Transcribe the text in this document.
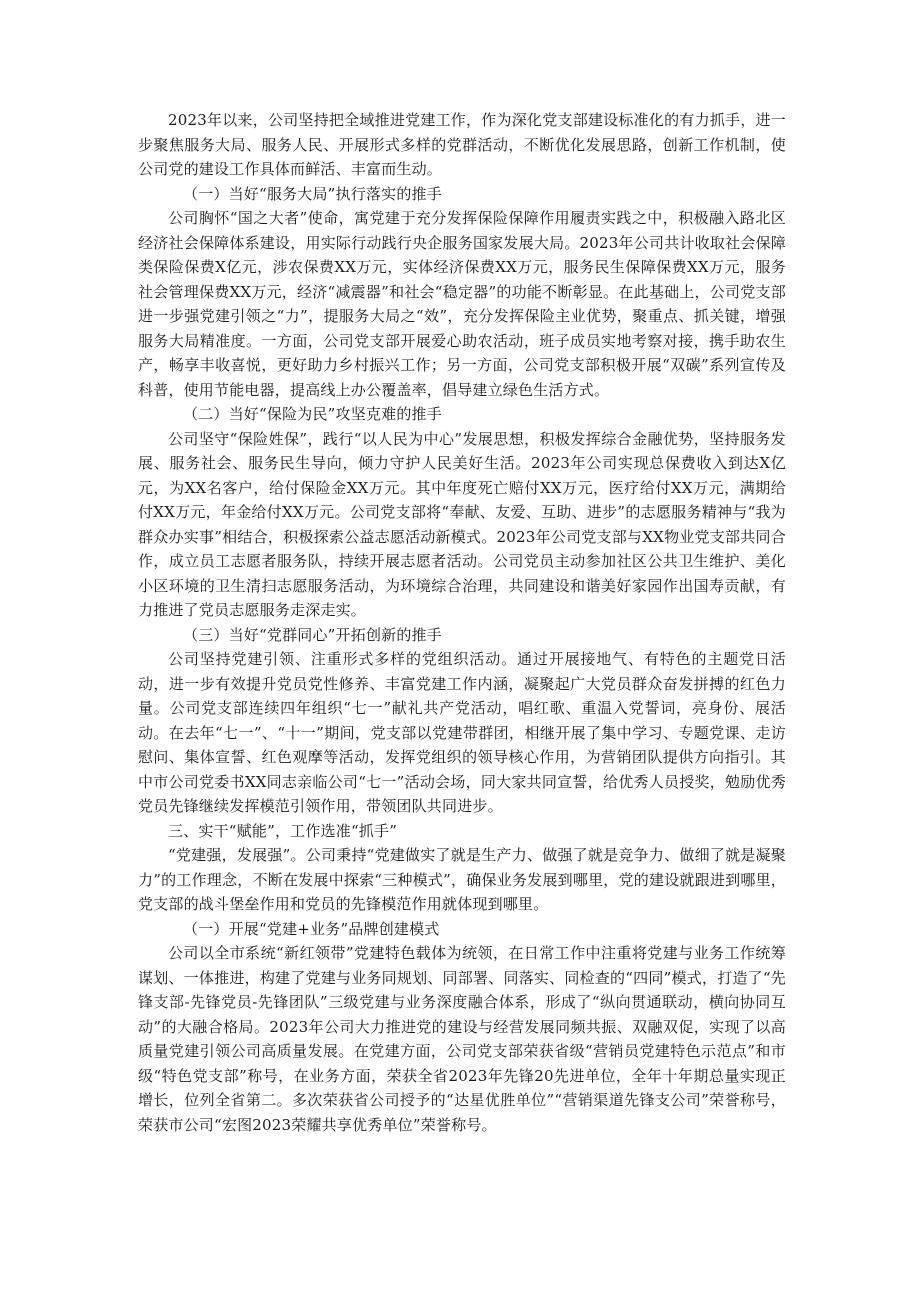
2023年以来，公司坚持把全域推进党建工作，作为深化党支部建设标准化的有力抓手，进一步聚焦服务大局、服务人民、开展形式多样的党群活动，不断优化发展思路，创新工作机制，使公司党的建设工作具体而鲜活、丰富而生动。

（一）当好“服务大局”执行落实的推手

公司胸怀“国之大者”使命，寓党建于充分发挥保险保障作用履责实践之中，积极融入路北区经济社会保障体系建设，用实际行动践行央企服务国家发展大局。2023年公司共计收取社会保障类保险保费X亿元，涉农保费XX万元，实体经济保费XX万元，服务民生保障保费XX万元，服务社会管理保费XX万元，经济“减震器”和社会“稳定器”的功能不断彰显。在此基础上，公司党支部进一步强党建引领之“力”，提服务大局之“效”，充分发挥保险主业优势，聚重点、抓关键，增强服务大局精准度。一方面，公司党支部开展爱心助农活动，班子成员实地考察对接，携手助农生产，畅享丰收喜悦，更好助力乡村振兴工作；另一方面，公司党支部积极开展“双碳”系列宣传及科普，使用节能电器，提高线上办公覆盖率，倡导建立绿色生活方式。

（二）当好“保险为民”攻坚克难的推手

公司坚守“保险姓保”，践行“以人民为中心”发展思想，积极发挥综合金融优势，坚持服务发展、服务社会、服务民生导向，倾力守护人民美好生活。2023年公司实现总保费收入到达X亿元，为XX名客户，给付保险金XX万元。其中年度死亡赔付XX万元，医疗给付XX万元，满期给付XX万元，年金给付XX万元。公司党支部将“奉献、友爱、互助、进步”的志愿服务精神与“我为群众办实事”相结合，积极探索公益志愿活动新模式。2023年公司党支部与XX物业党支部共同合作，成立员工志愿者服务队，持续开展志愿者活动。公司党员主动参加社区公共卫生维护、美化小区环境的卫生清扫志愿服务活动，为环境综合治理，共同建设和谐美好家园作出国寿贡献，有力推进了党员志愿服务走深走实。

（三）当好“党群同心”开拓创新的推手

公司坚持党建引领、注重形式多样的党组织活动。通过开展接地气、有特色的主题党日活动，进一步有效提升党员党性修养、丰富党建工作内涵，凝聚起广大党员群众奋发拼搏的红色力量。公司党支部连续四年组织“七一”献礼共产党活动，唱红歌、重温入党誓词，亮身份、展活动。在去年“七一”、“十一”期间，党支部以党建带群团，相继开展了集中学习、专题党课、走访慰问、集体宣誓、红色观摩等活动，发挥党组织的领导核心作用，为营销团队提供方向指引。其中市公司党委书XX同志亲临公司“七一”活动会场，同大家共同宣誓，给优秀人员授奖，勉励优秀党员先锋继续发挥模范引领作用，带领团队共同进步。

三、实干“赋能”，工作选准“抓手”

“党建强，发展强”。公司秉持“党建做实了就是生产力、做强了就是竞争力、做细了就是凝聚力”的工作理念，不断在发展中探索“三种模式”，确保业务发展到哪里，党的建设就跟进到哪里，党支部的战斗堡垒作用和党员的先锋模范作用就体现到哪里。

（一）开展“党建+业务”品牌创建模式

公司以全市系统“新红领带”党建特色载体为统领，在日常工作中注重将党建与业务工作统筹谋划、一体推进，构建了党建与业务同规划、同部署、同落实、同检查的“四同”模式，打造了“先锋支部-先锋党员-先锋团队”三级党建与业务深度融合体系，形成了“纵向贯通联动，横向协同互动”的大融合格局。2023年公司大力推进党的建设与经营发展同频共振、双融双促，实现了以高质量党建引领公司高质量发展。在党建方面，公司党支部荣获省级“营销员党建特色示范点”和市级“特色党支部”称号，在业务方面，荣获全省2023年先锋20先进单位，全年十年期总量实现正增长，位列全省第二。多次荣获省公司授予的“达星优胜单位”“营销渠道先锋支公司”荣誉称号，荣获市公司“宏图2023荣耀共享优秀单位”荣誉称号。
